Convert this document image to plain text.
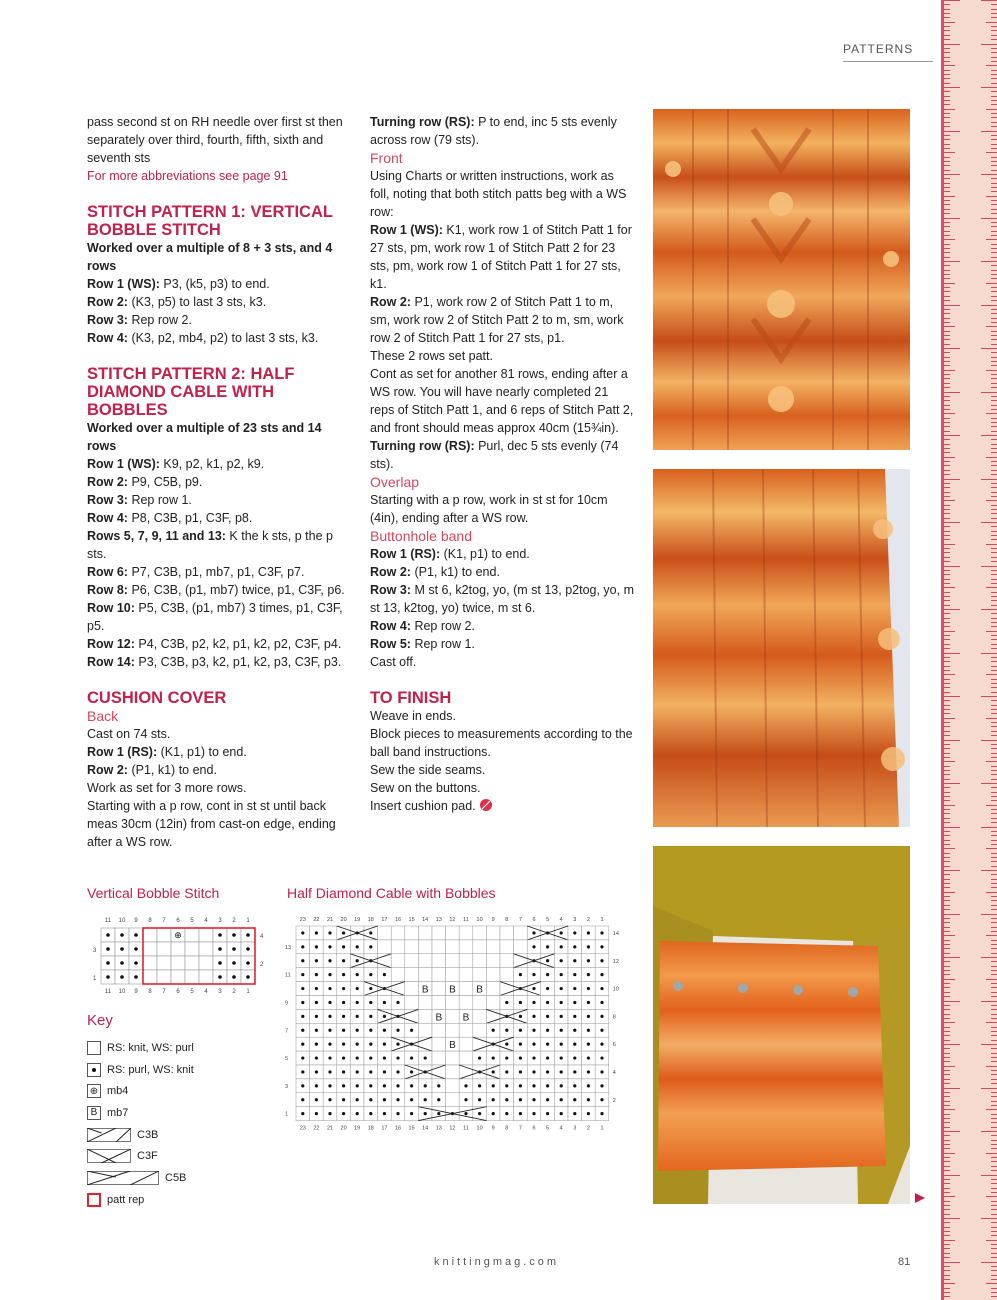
PATTERNS

pass second st on RH needle over first st then separately over third, fourth, fifth, sixth and seventh sts

For more abbreviations see page 91

STITCH PATTERN 1: VERTICAL BOBBLE STITCH

Worked over a multiple of 8 + 3 sts, and 4 rows

Row 1 (WS): P3, (k5, p3) to end.

Row 2: (K3, p5) to last 3 sts, k3.

Row 3: Rep row 2.

Row 4: (K3, p2, mb4, p2) to last 3 sts, k3.

STITCH PATTERN 2: HALF DIAMOND CABLE WITH BOBBLES

Worked over a multiple of 23 sts and 14 rows

Row 1 (WS): K9, p2, k1, p2, k9.

Row 2: P9, C5B, p9.

Row 3: Rep row 1.

Row 4: P8, C3B, p1, C3F, p8.

Rows 5, 7, 9, 11 and 13: K the k sts, p the p sts.

Row 6: P7, C3B, p1, mb7, p1, C3F, p7.

Row 8: P6, C3B, (p1, mb7) twice, p1, C3F, p6.

Row 10: P5, C3B, (p1, mb7) 3 times, p1, C3F, p5.

Row 12: P4, C3B, p2, k2, p1, k2, p2, C3F, p4.

Row 14: P3, C3B, p3, k2, p1, k2, p3, C3F, p3.

CUSHION COVER

Back

Cast on 74 sts.

Row 1 (RS): (K1, p1) to end.

Row 2: (P1, k1) to end.

Work as set for 3 more rows.

Starting with a p row, cont in st st until back meas 30cm (12in) from cast-on edge, ending after a WS row.

Turning row (RS): P to end, inc 5 sts evenly across row (79 sts).

Front

Using Charts or written instructions, work as foll, noting that both stitch patts beg with a WS row:

Row 1 (WS): K1, work row 1 of Stitch Patt 1 for 27 sts, pm, work row 1 of Stitch Patt 2 for 23 sts, pm, work row 1 of Stitch Patt 1 for 27 sts, k1.

Row 2: P1, work row 2 of Stitch Patt 1 to m, sm, work row 2 of Stitch Patt 2 to m, sm, work row 2 of Stitch Patt 1 for 27 sts, p1.

These 2 rows set patt.

Cont as set for another 81 rows, ending after a WS row. You will have nearly completed 21 reps of Stitch Patt 1, and 6 reps of Stitch Patt 2, and front should meas approx 40cm (15¾in).

Turning row (RS): Purl, dec 5 sts evenly (74 sts).

Overlap

Starting with a p row, work in st st for 10cm (4in), ending after a WS row.

Buttonhole band

Row 1 (RS): (K1, p1) to end.

Row 2: (P1, k1) to end.

Row 3: M st 6, k2tog, yo, (m st 13, p2tog, yo, m st 13, k2tog, yo) twice, m st 6.

Row 4: Rep row 2.

Row 5: Rep row 1.

Cast off.

TO FINISH

Weave in ends.

Block pieces to measurements according to the ball band instructions.

Sew the side seams.

Sew on the buttons.

Insert cushion pad.

Vertical Bobble Stitch	Half Diamond Cable with Bobbles
11
11
10
10
9
9
8
8
7
7
6
6
5
5
4
4
3
3
2
2
1
1
⊕	4
3
2
1
23
23
22
22
21
21
20
20
19
19
18
18
17
17
16
16
15
15
14
14
13
13
12
12
11
11
10
10
9
9
8
8
7
7
6
6
5
5
4
4
3
3
2
2
1
1
B
B B
B B B
14
13
12
11
10
9
8
7
6
5
4
3
2
1
Key
RS: knit, WS: purl
RS: purl, WS: knit
⊕ mb4
B mb7
C3B
C3F
C5B
patt rep
knittingmag.com	81
